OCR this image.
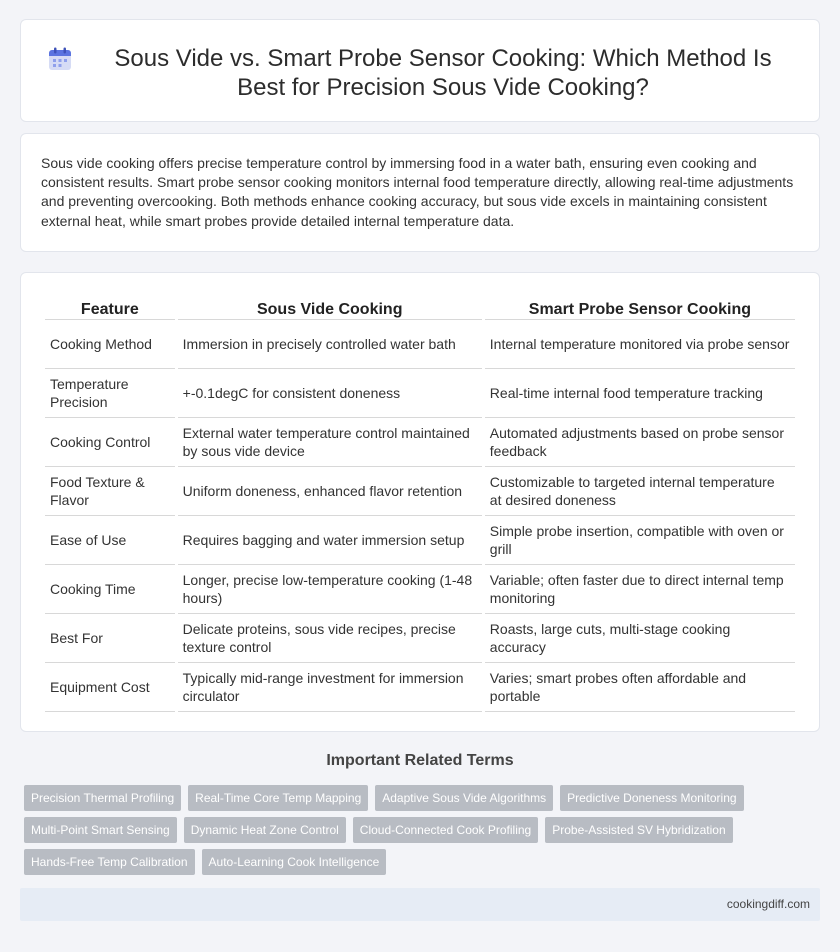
Sous Vide vs. Smart Probe Sensor Cooking: Which Method Is Best for Precision Sous Vide Cooking?

Sous vide cooking offers precise temperature control by immersing food in a water bath, ensuring even cooking and consistent results. Smart probe sensor cooking monitors internal food temperature directly, allowing real-time adjustments and preventing overcooking. Both methods enhance cooking accuracy, but sous vide excels in maintaining consistent external heat, while smart probes provide detailed internal temperature data.

Feature	Sous Vide Cooking	Smart Probe Sensor Cooking
Cooking Method	Immersion in precisely controlled water bath	Internal temperature monitored via probe sensor
Temperature Precision	+-0.1degC for consistent doneness	Real-time internal food temperature tracking
Cooking Control	External water temperature control maintained by sous vide device	Automated adjustments based on probe sensor feedback
Food Texture & Flavor	Uniform doneness, enhanced flavor retention	Customizable to targeted internal temperature at desired doneness
Ease of Use	Requires bagging and water immersion setup	Simple probe insertion, compatible with oven or grill
Cooking Time	Longer, precise low-temperature cooking (1-48 hours)	Variable; often faster due to direct internal temp monitoring
Best For	Delicate proteins, sous vide recipes, precise texture control	Roasts, large cuts, multi-stage cooking accuracy
Equipment Cost	Typically mid-range investment for immersion circulator	Varies; smart probes often affordable and portable
Important Related Terms
Precision Thermal Profiling	Real-Time Core Temp Mapping	Adaptive Sous Vide Algorithms	Predictive Doneness Monitoring
Multi-Point Smart Sensing	Dynamic Heat Zone Control	Cloud-Connected Cook Profiling	Probe-Assisted SV Hybridization
Hands-Free Temp Calibration	Auto-Learning Cook Intelligence
cookingdiff.com
